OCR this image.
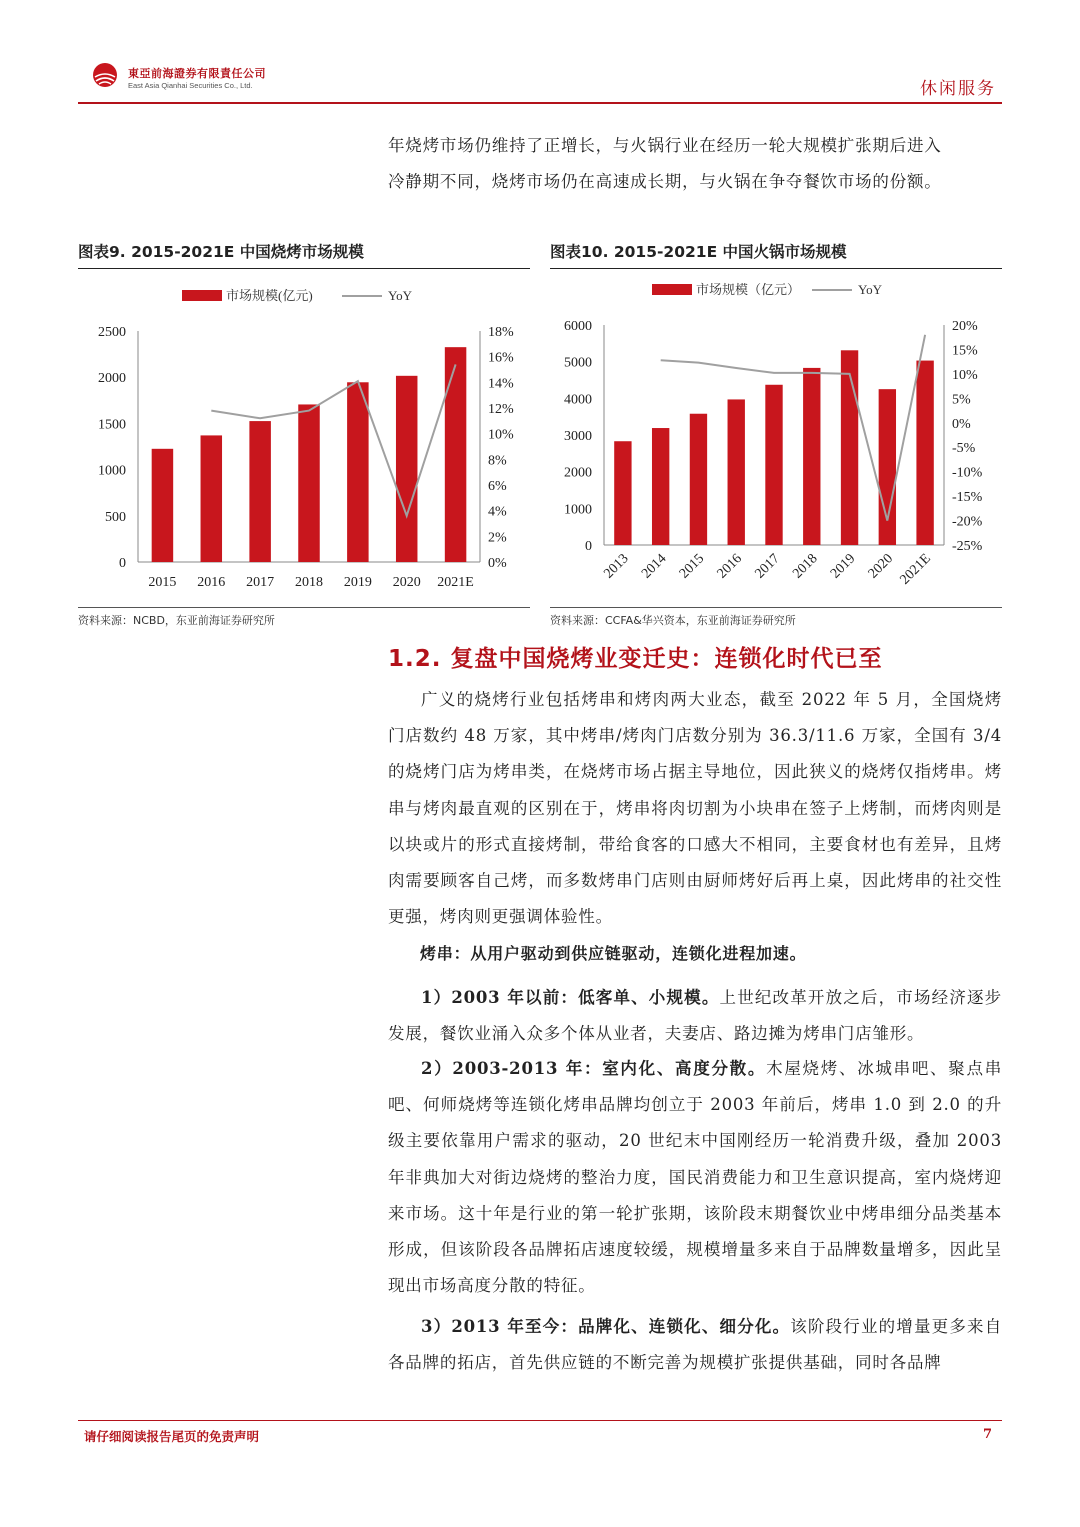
東亞前海證券有限責任公司
East Asia Qianhai Securities Co., Ltd.	休闲服务
年烧烤市场仍维持了正增长，与火锅行业在经历一轮大规模扩张期后进入
冷静期不同，烧烤市场仍在高速成长期，与火锅在争夺餐饮市场的份额。
图表9. 2015-2021E 中国烧烤市场规模
市场规模(亿元)	YoY
0
500
1000
1500
2000
2500
0%
2%
4%
6%
8%
10%
12%
14%
16%
18%
2015 2016 2017 2018 2019 2020 2021E
资料来源：NCBD，东亚前海证券研究所
图表10. 2015-2021E 中国火锅市场规模
市场规模（亿元）	YoY
0
1000
2000
3000
4000
5000
6000
-25%
-20%
-15%
-10%
-5%
0%
5%
10%
15%
20%
2013 2014 2015 2016 2017 2018 2019 2020 2021E
资料来源：CCFA&华兴资本，东亚前海证券研究所
1.2. 复盘中国烧烤业变迁史：连锁化时代已至
广义的烧烤行业包括烤串和烤肉两大业态，截至 2022 年 5 月，全国烧烤门店数约 48 万家，其中烤串/烤肉门店数分别为 36.3/11.6 万家，全国有 3/4 的烧烤门店为烤串类，在烧烤市场占据主导地位，因此狭义的烧烤仅指烤串。烤串与烤肉最直观的区别在于，烤串将肉切割为小块串在签子上烤制，而烤肉则是以块或片的形式直接烤制，带给食客的口感大不相同，主要食材也有差异，且烤肉需要顾客自己烤，而多数烤串门店则由厨师烤好后再上桌，因此烤串的社交性更强，烤肉则更强调体验性。
烤串：从用户驱动到供应链驱动，连锁化进程加速。
1）2003 年以前：低客单、小规模。上世纪改革开放之后，市场经济逐步发展，餐饮业涌入众多个体从业者，夫妻店、路边摊为烤串门店雏形。
2）2003-2013 年：室内化、高度分散。木屋烧烤、冰城串吧、聚点串吧、何师烧烤等连锁化烤串品牌均创立于 2003 年前后，烤串 1.0 到 2.0 的升级主要依靠用户需求的驱动，20 世纪末中国刚经历一轮消费升级，叠加 2003 年非典加大对街边烧烤的整治力度，国民消费能力和卫生意识提高，室内烧烤迎来市场。这十年是行业的第一轮扩张期，该阶段末期餐饮业中烤串细分品类基本形成，但该阶段各品牌拓店速度较缓，规模增量多来自于品牌数量增多，因此呈现出市场高度分散的特征。
3）2013 年至今：品牌化、连锁化、细分化。该阶段行业的增量更多来自各品牌的拓店，首先供应链的不断完善为规模扩张提供基础，同时各品牌
请仔细阅读报告尾页的免责声明	7
